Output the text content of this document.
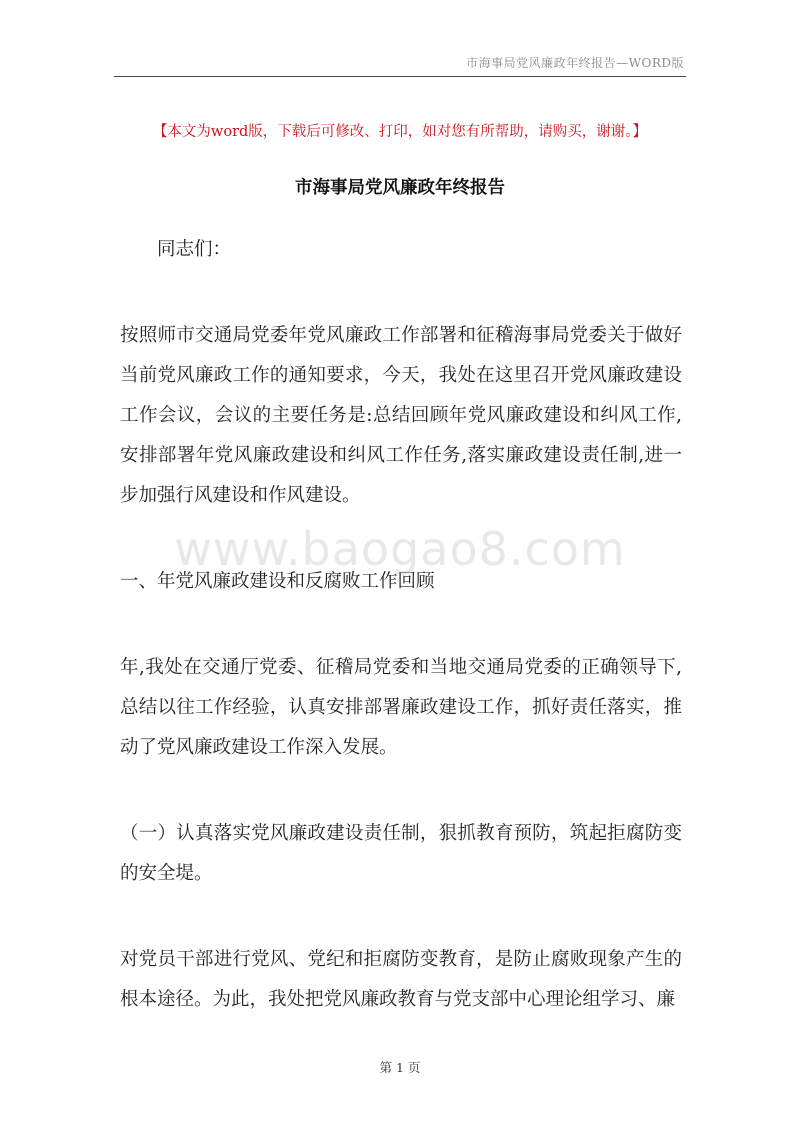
市海事局党风廉政年终报告—WORD版
【本文为word版，下载后可修改、打印，如对您有所帮助，请购买，谢谢。】
市海事局党风廉政年终报告

同志们：

按照师市交通局党委年党风廉政工作部署和征稽海事局党委关于做好当前党风廉政工作的通知要求，今天，我处在这里召开党风廉政建设工作会议，会议的主要任务是:总结回顾年党风廉政建设和纠风工作,安排部署年党风廉政建设和纠风工作任务,落实廉政建设责任制,进一步加强行风建设和作风建设。

一、年党风廉政建设和反腐败工作回顾

年,我处在交通厅党委、征稽局党委和当地交通局党委的正确领导下,总结以往工作经验，认真安排部署廉政建设工作，抓好责任落实，推动了党风廉政建设工作深入发展。

（一）认真落实党风廉政建设责任制，狠抓教育预防，筑起拒腐防变的安全堤。

对党员干部进行党风、党纪和拒腐防变教育，是防止腐败现象产生的根本途径。为此，我处把党风廉政教育与党支部中心理论组学习、廉

www.baogao8.com
第 1 页
